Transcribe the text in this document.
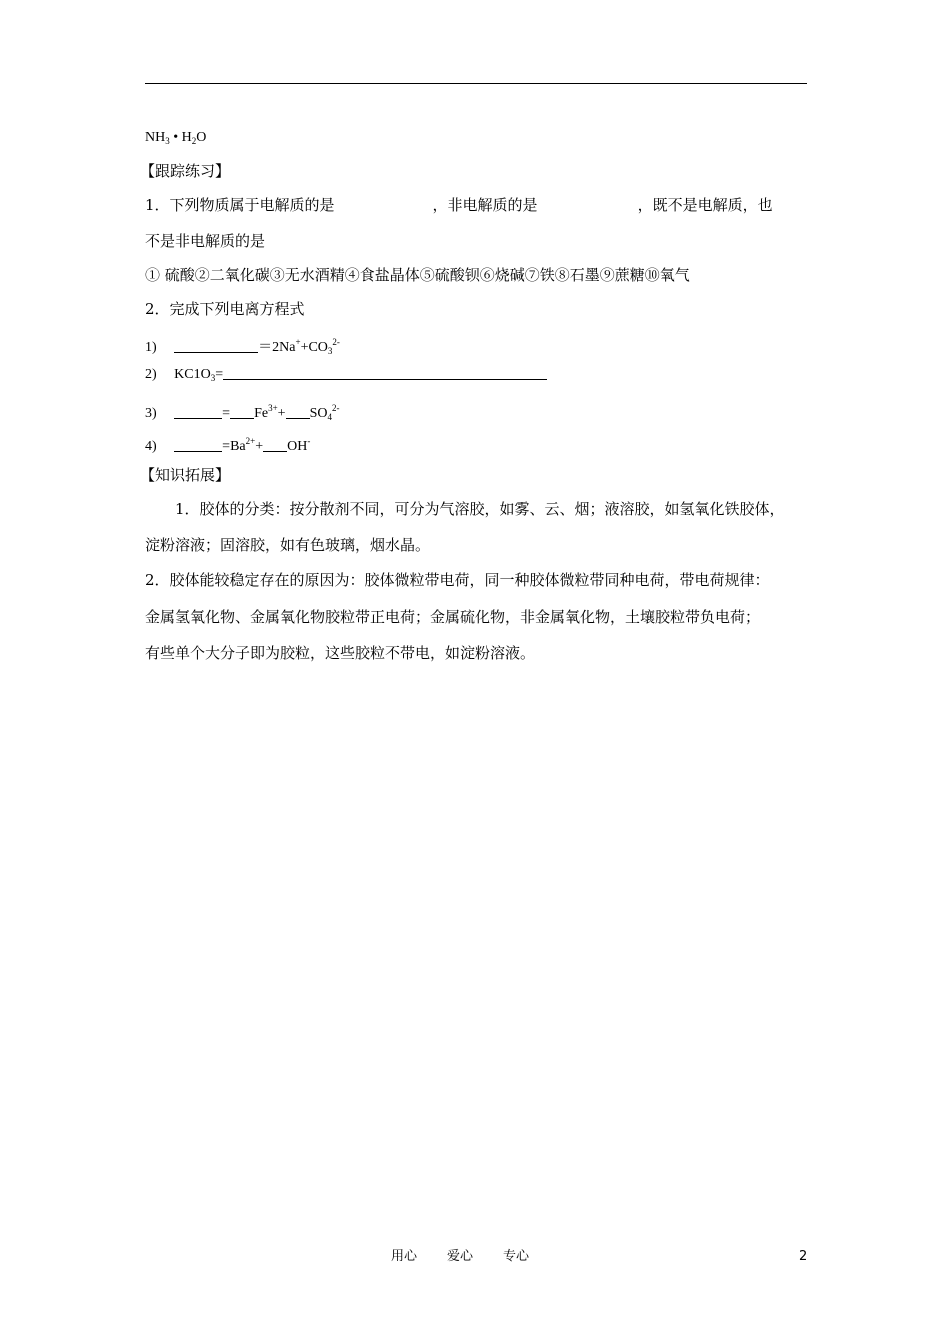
$NH_3$ • $H_2O$
【跟踪练习】
1．下列物质属于电解质的是	，非电解质的是	，既不是电解质，也
不是非电解质的是
① 硫酸②二氧化碳③无水酒精④食盐晶体⑤硫酸钡⑥烧碱⑦铁⑧石墨⑨蔗糖⑩氧气
2．完成下列电离方程式
1)	$=2Na^++CO_3^{2-}$
2) $KC1O_3=$
3)	= $Fe^{3+}+ SO_4^{2-}$
4)	$=Ba^{2+}+ OH^-$
【知识拓展】
1．胶体的分类：按分散剂不同，可分为气溶胶，如雾、云、烟；液溶胶，如氢氧化铁胶体，
淀粉溶液；固溶胶，如有色玻璃，烟水晶。
2．胶体能较稳定存在的原因为：胶体微粒带电荷，同一种胶体微粒带同种电荷，带电荷规律：
金属氢氧化物、金属氧化物胶粒带正电荷；金属硫化物，非金属氧化物，土壤胶粒带负电荷；
有些单个大分子即为胶粒，这些胶粒不带电，如淀粉溶液。
用心 爱心 专心	2
